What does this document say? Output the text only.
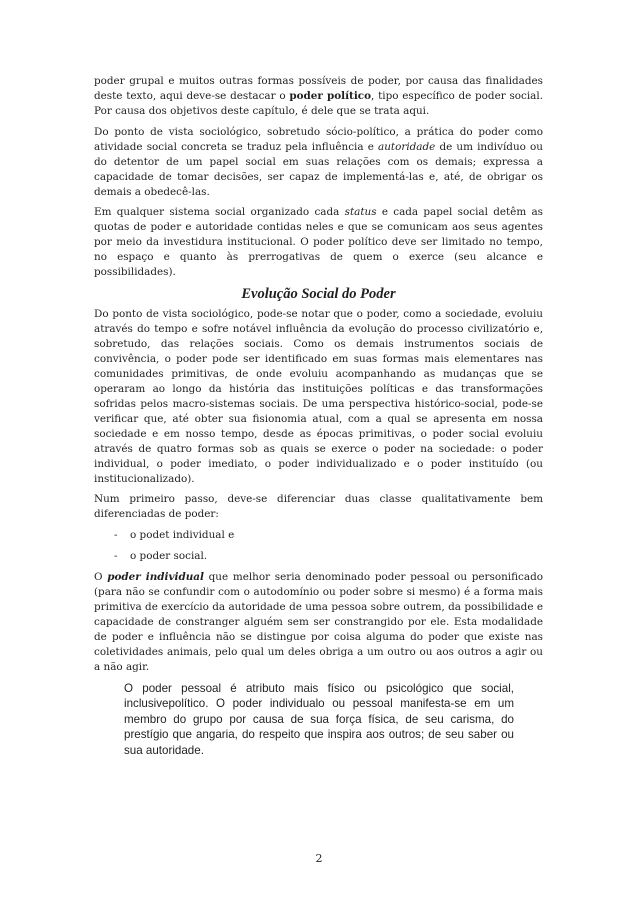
poder grupal e muitos outras formas possíveis de poder, por causa das finalidades deste texto, aqui deve-se destacar o poder político, tipo específico de poder social. Por causa dos objetivos deste capítulo, é dele que se trata aqui.

Do ponto de vista sociológico, sobretudo sócio-político, a prática do poder como atividade social concreta se traduz pela influência e autoridade de um indivíduo ou do detentor de um papel social em suas relações com os demais; expressa a capacidade de tomar decisões, ser capaz de implementá-las e, até, de obrigar os demais a obedecê-las.

Em qualquer sistema social organizado cada status e cada papel social detêm as quotas de poder e autoridade contidas neles e que se comunicam aos seus agentes por meio da investidura institucional. O poder político deve ser limitado no tempo, no espaço e quanto às prerrogativas de quem o exerce (seu alcance e possibilidades).

Evolução Social do Poder

Do ponto de vista sociológico, pode-se notar que o poder, como a sociedade, evoluiu através do tempo e sofre notável influência da evolução do processo civilizatório e, sobretudo, das relações sociais. Como os demais instrumentos sociais de convivência, o poder pode ser identificado em suas formas mais elementares nas comunidades primitivas, de onde evoluiu acompanhando as mudanças que se operaram ao longo da história das instituições políticas e das transformações sofridas pelos macro-sistemas sociais. De uma perspectiva histórico-social, pode-se verificar que, até obter sua fisionomia atual, com a qual se apresenta em nossa sociedade e em nosso tempo, desde as épocas primitivas, o poder social evoluiu através de quatro formas sob as quais se exerce o poder na sociedade: o poder individual, o poder imediato, o poder individualizado e o poder instituído (ou institucionalizado).

Num primeiro passo, deve-se diferenciar duas classe qualitativamente bem diferenciadas de poder:

- o podet individual e
- o poder social.

O poder individual que melhor seria denominado poder pessoal ou personificado (para não se confundir com o autodomínio ou poder sobre si mesmo) é a forma mais primitiva de exercício da autoridade de uma pessoa sobre outrem, da possibilidade e capacidade de constranger alguém sem ser constrangido por ele. Esta modalidade de poder e influência não se distingue por coisa alguma do poder que existe nas coletividades animais, pelo qual um deles obriga a um outro ou aos outros a agir ou a não agir.

O poder pessoal é atributo mais físico ou psicológico que social, inclusivepolítico. O poder individualo ou pessoal manifesta-se em um membro do grupo por causa de sua força física, de seu carisma, do prestígio que angaria, do respeito que inspira aos outros; de seu saber ou sua autoridade.
2
